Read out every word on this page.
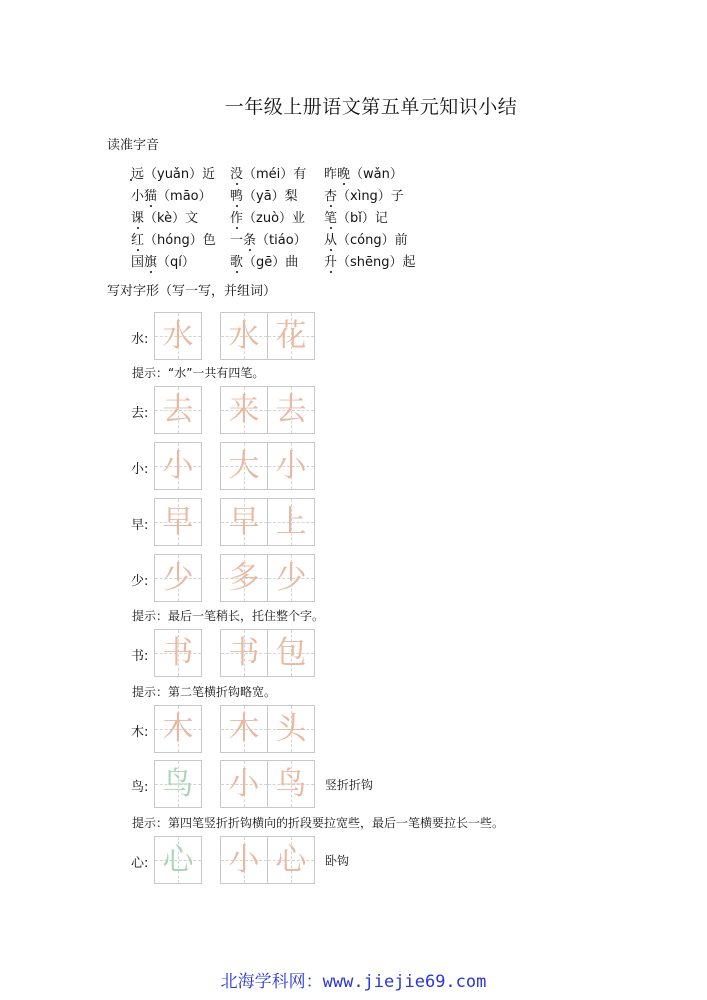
一年级上册语文第五单元知识小结
读准字音
远（yuǎn）近 没（méi）有 昨晚（wǎn）
小猫（māo） 鸭（yā）梨 杏（xìng）子
课（kè）文 作（zuò）业 笔（bǐ）记
红（hóng）色 一条（tiáo） 从（cóng）前
国旗（qí）	歌（gē）曲 升（shēng）起
写对字形（写一写，并组词）
水: 水 水 花
提示：“水”一共有四笔。
去: 去 来 去
小: 小 大 小
早: 早 早 上
少: 少 多 少
提示：最后一笔稍长，托住整个字。
书: 书 书 包
提示：第二笔横折钩略宽。
木: 木 木 头
鸟: 鸟 小 鸟	竖折折钩
提示：第四笔竖折折钩横向的折段要拉宽些，最后一笔横要拉长一些。
心: 心 小 心	卧钩
北海学科网：www.jiejie69.com
